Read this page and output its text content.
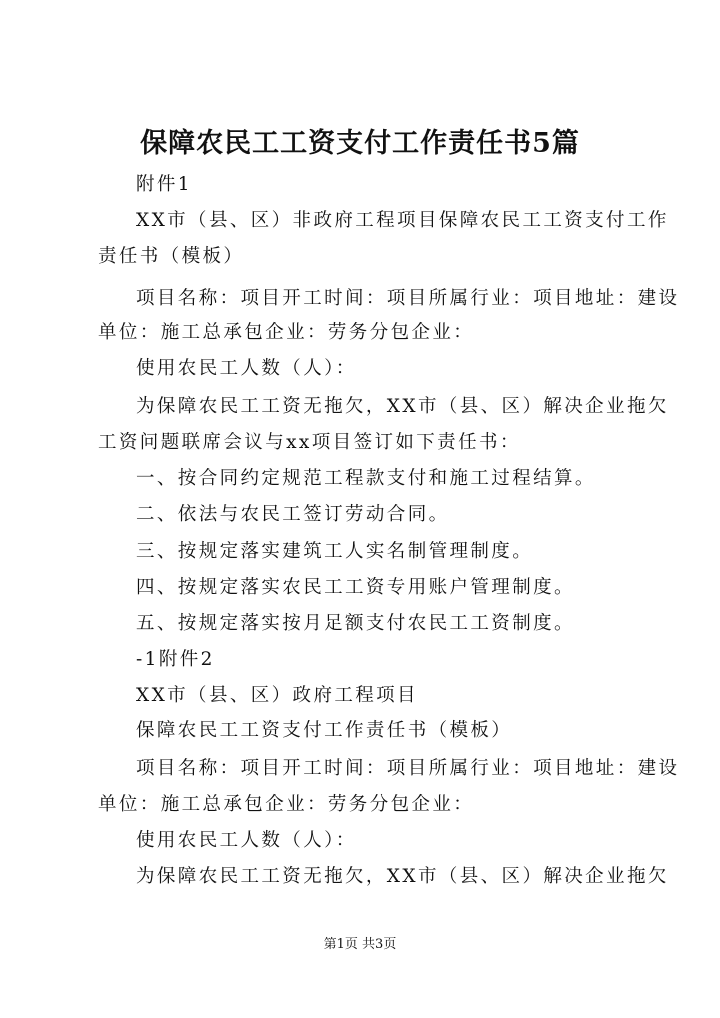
保障农民工工资支付工作责任书5篇
附件1
XX市（县、区）非政府工程项目保障农民工工资支付工作
责任书（模板）
项目名称：项目开工时间：项目所属行业：项目地址：建设
单位：施工总承包企业：劳务分包企业：
使用农民工人数（人）：
为保障农民工工资无拖欠，XX市（县、区）解决企业拖欠
工资问题联席会议与xx项目签订如下责任书：
一、按合同约定规范工程款支付和施工过程结算。
二、依法与农民工签订劳动合同。
三、按规定落实建筑工人实名制管理制度。
四、按规定落实农民工工资专用账户管理制度。
五、按规定落实按月足额支付农民工工资制度。
-1附件2
XX市（县、区）政府工程项目
保障农民工工资支付工作责任书（模板）
项目名称：项目开工时间：项目所属行业：项目地址：建设
单位：施工总承包企业：劳务分包企业：
使用农民工人数（人）：
为保障农民工工资无拖欠，XX市（县、区）解决企业拖欠
第1页 共3页
